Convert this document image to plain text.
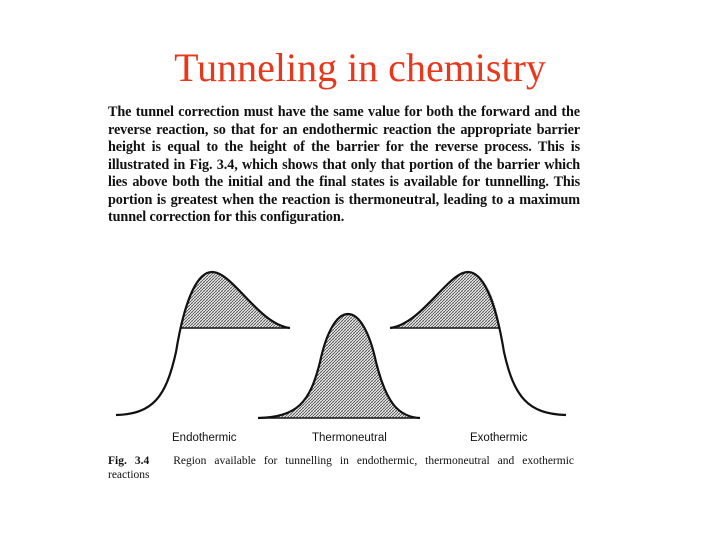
Tunneling in chemistry

The tunnel correction must have the same value for both the forward and the
reverse reaction, so that for an endothermic reaction the appropriate barrier
height is equal to the height of the barrier for the reverse process. This is
illustrated in Fig. 3.4, which shows that only that portion of the barrier which
lies above both the initial and the final states is available for tunnelling. This
portion is greatest when the reaction is thermoneutral, leading to a maximum
tunnel correction for this configuration.

Endothermic	Thermoneutral	Exothermic
Fig. 3.4 Region available for tunnelling in endothermic, thermoneutral and exothermic
reactions
